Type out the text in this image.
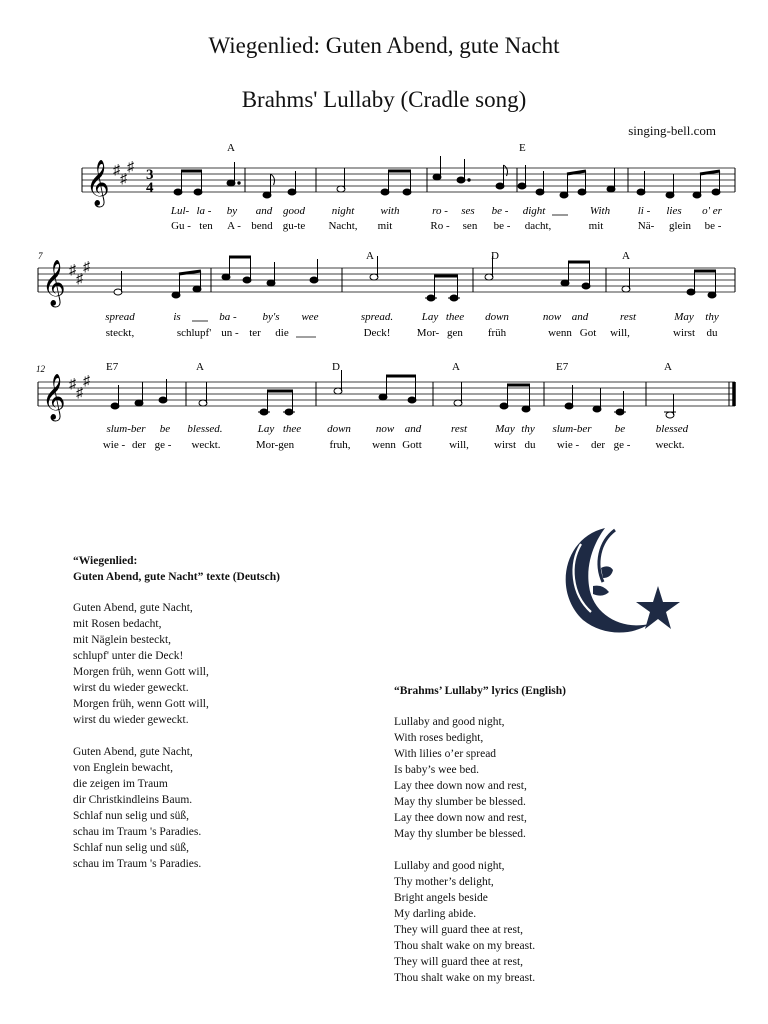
Wiegenlied: Guten Abend, gute Nacht
Brahms' Lullaby (Cradle song)
singing-bell.com
𝄞 ♯
♯
♯ 3
4
A	E
Lul- la - by and good night with	ro - ses be - dight	With	li - lies o' er
Gu - ten A - bend gu-te Nacht, mit	Ro - sen be - dacht,	mit	Nä- glein be -
7
𝄞 ♯
♯
♯
A	D	A
spread	is	ba - by's wee	spread.	Lay thee down	now and	rest	May thy
steckt,	schlupf' un - ter die	Deck! Mor- gen früh	wenn Got will,	wirst du
12
𝄞 ♯
♯
♯
E7	A	D	A	E7	A
slum-ber be blessed.	Lay thee down now and	rest	May thy slum-ber be	blessed
wie - der ge - weckt.	Mor-gen	fruh, wenn Gott will, wirst du wie - der ge - weckt.
“Wiegenlied:
Guten Abend, gute Nacht” texte (Deutsch)

Guten Abend, gute Nacht,
mit Rosen bedacht,
mit Näglein besteckt,
schlupf' unter die Deck!
Morgen früh, wenn Gott will,
wirst du wieder geweckt.
Morgen früh, wenn Gott will,
wirst du wieder geweckt.

Guten Abend, gute Nacht,
von Englein bewacht,
die zeigen im Traum
dir Christkindleins Baum.
Schlaf nun selig und süß,
schau im Traum 's Paradies.
Schlaf nun selig und süß,
schau im Traum 's Paradies.

“Brahms’ Lullaby” lyrics (English)

Lullaby and good night,
With roses bedight,
With lilies o’er spread
Is baby’s wee bed.
Lay thee down now and rest,
May thy slumber be blessed.
Lay thee down now and rest,
May thy slumber be blessed.

Lullaby and good night,
Thy mother’s delight,
Bright angels beside
My darling abide.
They will guard thee at rest,
Thou shalt wake on my breast.
They will guard thee at rest,
Thou shalt wake on my breast.
